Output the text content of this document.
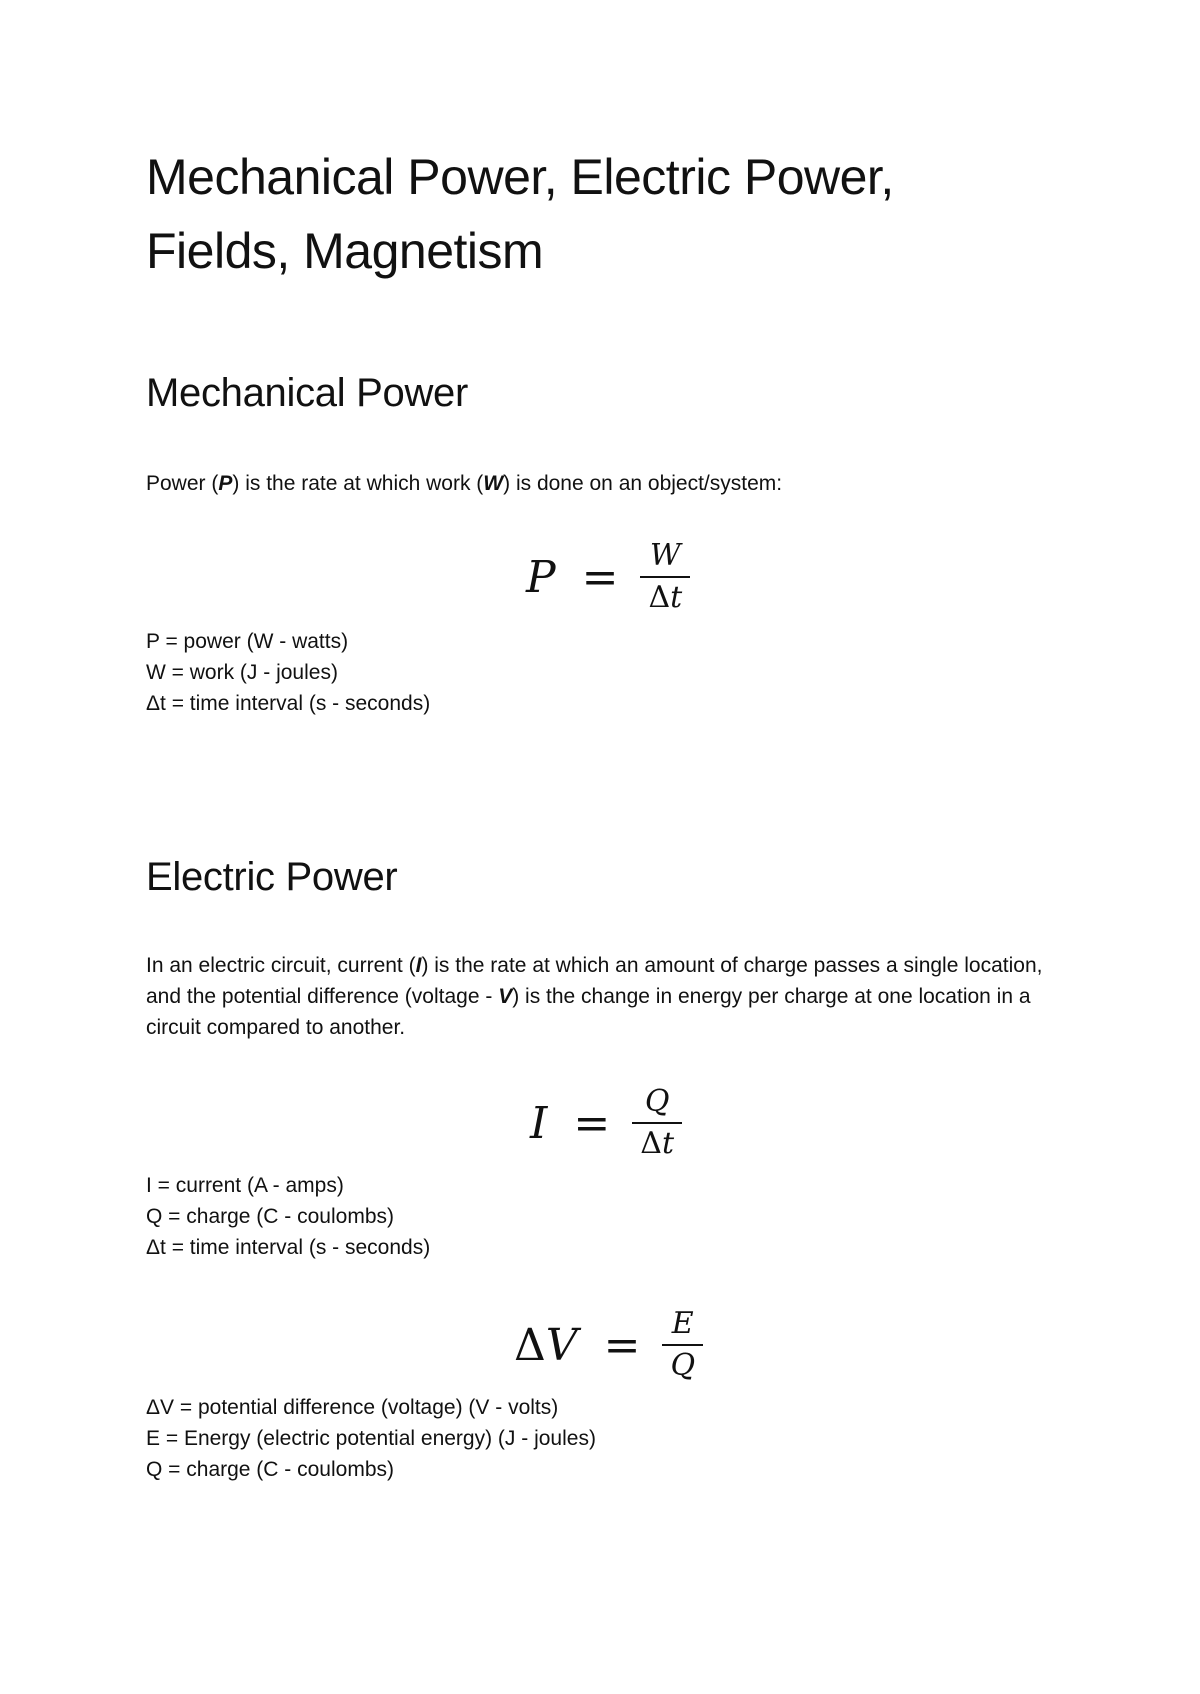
Mechanical Power, Electric Power, Fields, Magnetism
Mechanical Power

Power (P) is the rate at which work (W) is done on an object/system:

$P = \frac{W}{\Delta t}$
P = power (W - watts)
W = work (J - joules)
Δt = time interval (s - seconds)
Electric Power

In an electric circuit, current (I) is the rate at which an amount of charge passes a single location, and the potential difference (voltage - V) is the change in energy per charge at one location in a circuit compared to another.

$I = \frac{Q}{\Delta t}$
I = current (A - amps)
Q = charge (C - coulombs)
Δt = time interval (s - seconds)
$\Delta V = \frac{E}{Q}$
ΔV = potential difference (voltage) (V - volts)
E = Energy (electric potential energy) (J - joules)
Q = charge (C - coulombs)
